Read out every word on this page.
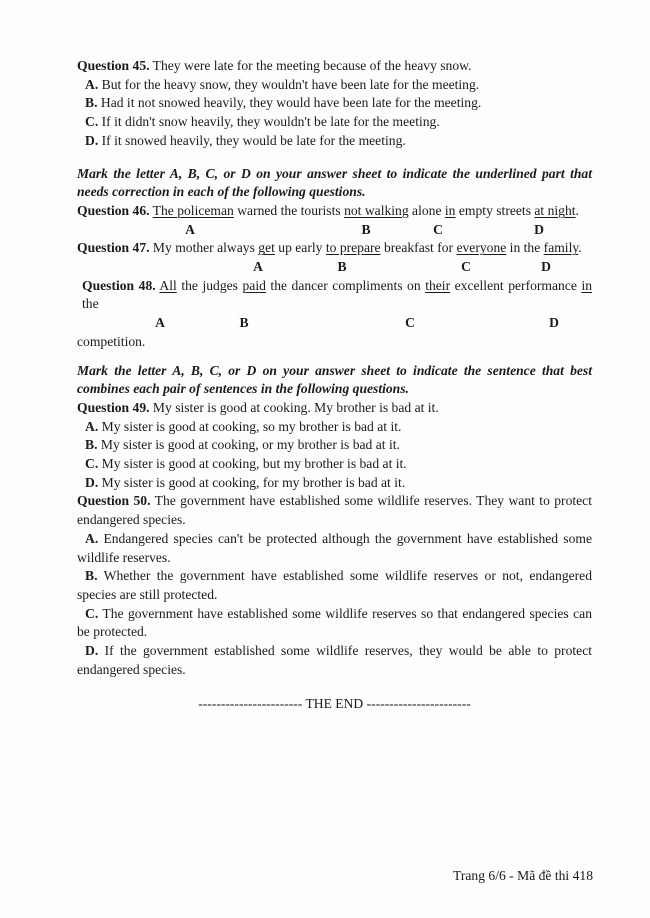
Question 45. They were late for the meeting because of the heavy snow.

A. But for the heavy snow, they wouldn't have been late for the meeting.

B. Had it not snowed heavily, they would have been late for the meeting.

C. If it didn't snow heavily, they wouldn't be late for the meeting.

D. If it snowed heavily, they would be late for the meeting.

Mark the letter A, B, C, or D on your answer sheet to indicate the underlined part that needs correction in each of the following questions.

Question 46. The policeman warned the tourists not walking alone in empty streets at night.

A	B	C	D

Question 47. My mother always get up early to prepare breakfast for everyone in the family.

A	B	C	D

Question 48. All the judges paid the dancer compliments on their excellent performance in the

A	B	C	D

competition.

Mark the letter A, B, C, or D on your answer sheet to indicate the sentence that best combines each pair of sentences in the following questions.

Question 49. My sister is good at cooking. My brother is bad at it.

A. My sister is good at cooking, so my brother is bad at it.

B. My sister is good at cooking, or my brother is bad at it.

C. My sister is good at cooking, but my brother is bad at it.

D. My sister is good at cooking, for my brother is bad at it.

Question 50. The government have established some wildlife reserves. They want to protect endangered species.

A. Endangered species can't be protected although the government have established some wildlife reserves.

B. Whether the government have established some wildlife reserves or not, endangered species are still protected.

C. The government have established some wildlife reserves so that endangered species can be protected.

D. If the government established some wildlife reserves, they would be able to protect endangered species.

----------------------- THE END -----------------------

Trang 6/6 - Mã đề thi 418
